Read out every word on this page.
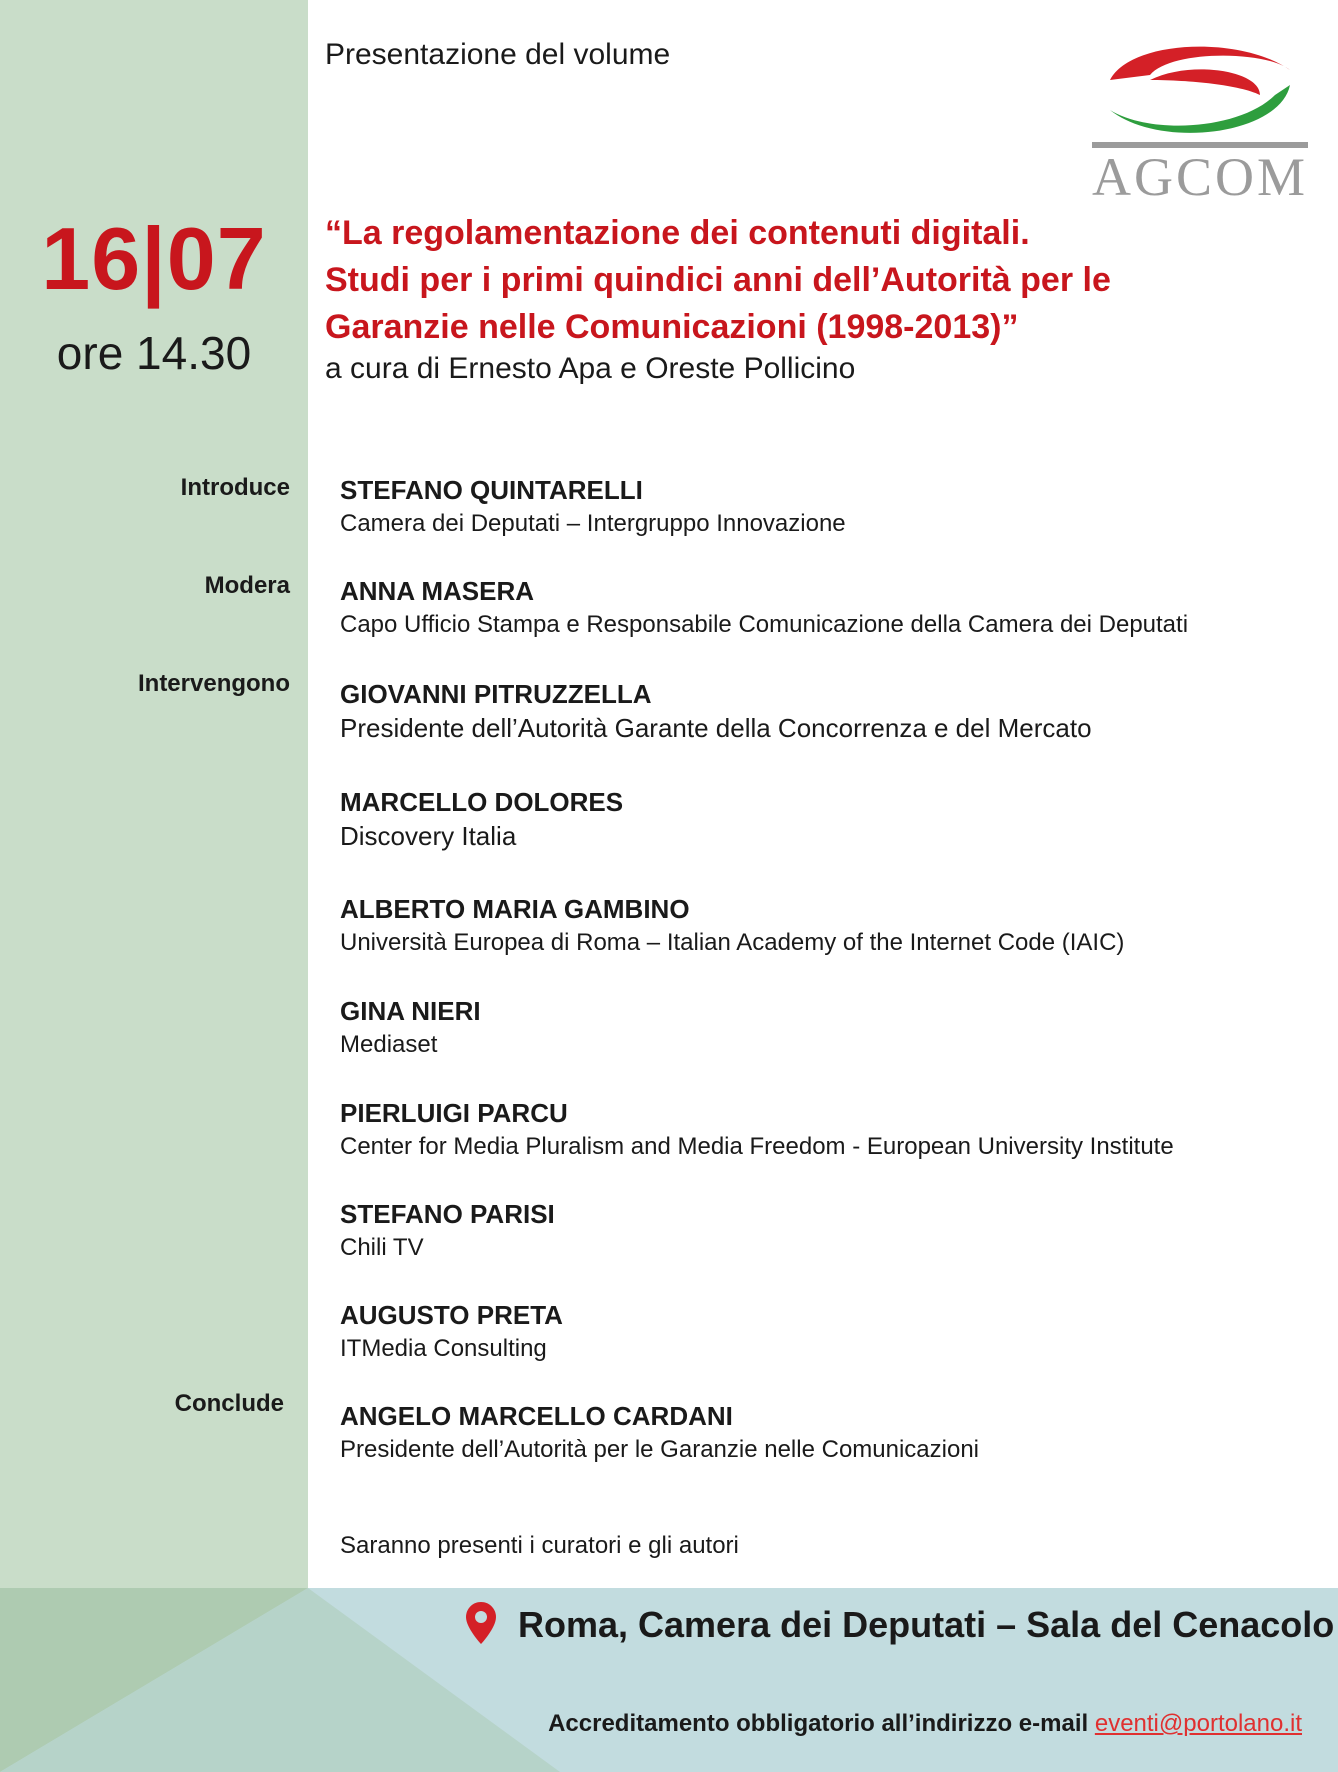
Presentazione del volume
AGCOM
16|07
ore 14.30
“La regolamentazione dei contenuti digitali.
Studi per i primi quindici anni dell’Autorità per le
Garanzie nelle Comunicazioni (1998-2013)”
a cura di Ernesto Apa e Oreste Pollicino
Introduce
Modera
Intervengono
Conclude
STEFANO QUINTARELLI
Camera dei Deputati – Intergruppo Innovazione
ANNA MASERA
Capo Ufficio Stampa e Responsabile Comunicazione della Camera dei Deputati
GIOVANNI PITRUZZELLA
Presidente dell’Autorità Garante della Concorrenza e del Mercato
MARCELLO DOLORES
Discovery Italia
ALBERTO MARIA GAMBINO
Università Europea di Roma – Italian Academy of the Internet Code (IAIC)
GINA NIERI
Mediaset
PIERLUIGI PARCU
Center for Media Pluralism and Media Freedom - European University Institute
STEFANO PARISI
Chili TV
AUGUSTO PRETA
ITMedia Consulting
ANGELO MARCELLO CARDANI
Presidente dell’Autorità per le Garanzie nelle Comunicazioni
Saranno presenti i curatori e gli autori
Roma, Camera dei Deputati – Sala del Cenacolo
Accreditamento obbligatorio all’indirizzo e-mail eventi@portolano.it
